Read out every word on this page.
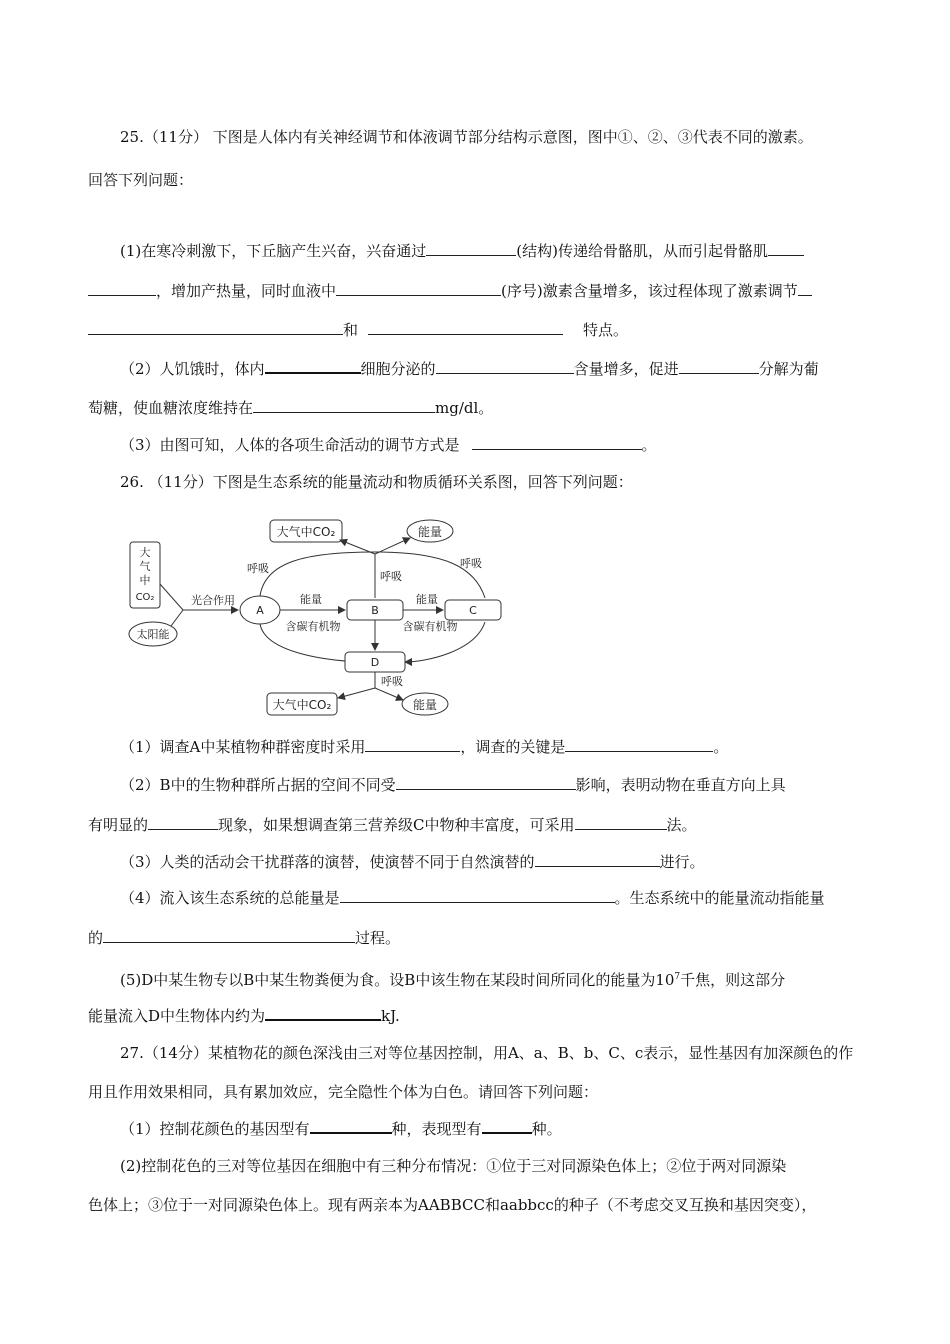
25.（11分） 下图是人体内有关神经调节和体液调节部分结构示意图，图中①、②、③代表不同的激素。
回答下列问题：
(1)在寒冷刺激下，下丘脑产生兴奋，兴奋通过	(结构)传递给骨骼肌，从而引起骨骼肌
，增加产热量，同时血液中	(序号)激素含量增多，该过程体现了激素调节
和	特点。
（2）人饥饿时，体内	细胞分泌的	含量增多，促进	分解为葡
萄糖，使血糖浓度维持在	mg/dl。
（3）由图可知，人体的各项生命活动的调节方式是	。
26. （11分）下图是生态系统的能量流动和物质循环关系图，回答下列问题：
大气中CO₂	能量
大
气
中
CO₂
太阳能
光合作用
A	B	C
能量
含碳有机物
能量
含碳有机物
呼吸
呼吸
呼吸
D
呼吸
大气中CO₂	能量
（1）调查A中某植物种群密度时采用	，调查的关键是	。
（2）B中的生物种群所占据的空间不同受	影响，表明动物在垂直方向上具
有明显的	现象，如果想调查第三营养级C中物种丰富度，可采用	法。
（3）人类的活动会干扰群落的演替，使演替不同于自然演替的	进行。
（4）流入该生态系统的总能量是	。生态系统中的能量流动指能量
的	过程。
(5)D中某生物专以B中某生物粪便为食。设B中该生物在某段时间所同化的能量为$10^7$千焦，则这部分
能量流入D中生物体内约为	kJ.
27.（14分）某植物花的颜色深浅由三对等位基因控制，用A、a、B、b、C、c表示，显性基因有加深颜色的作
用且作用效果相同，具有累加效应，完全隐性个体为白色。请回答下列问题：
（1）控制花颜色的基因型有	种，表现型有	种。
(2)控制花色的三对等位基因在细胞中有三种分布情况：①位于三对同源染色体上；②位于两对同源染
色体上；③位于一对同源染色体上。现有两亲本为AABBCC和aabbcc的种子（不考虑交叉互换和基因突变），
